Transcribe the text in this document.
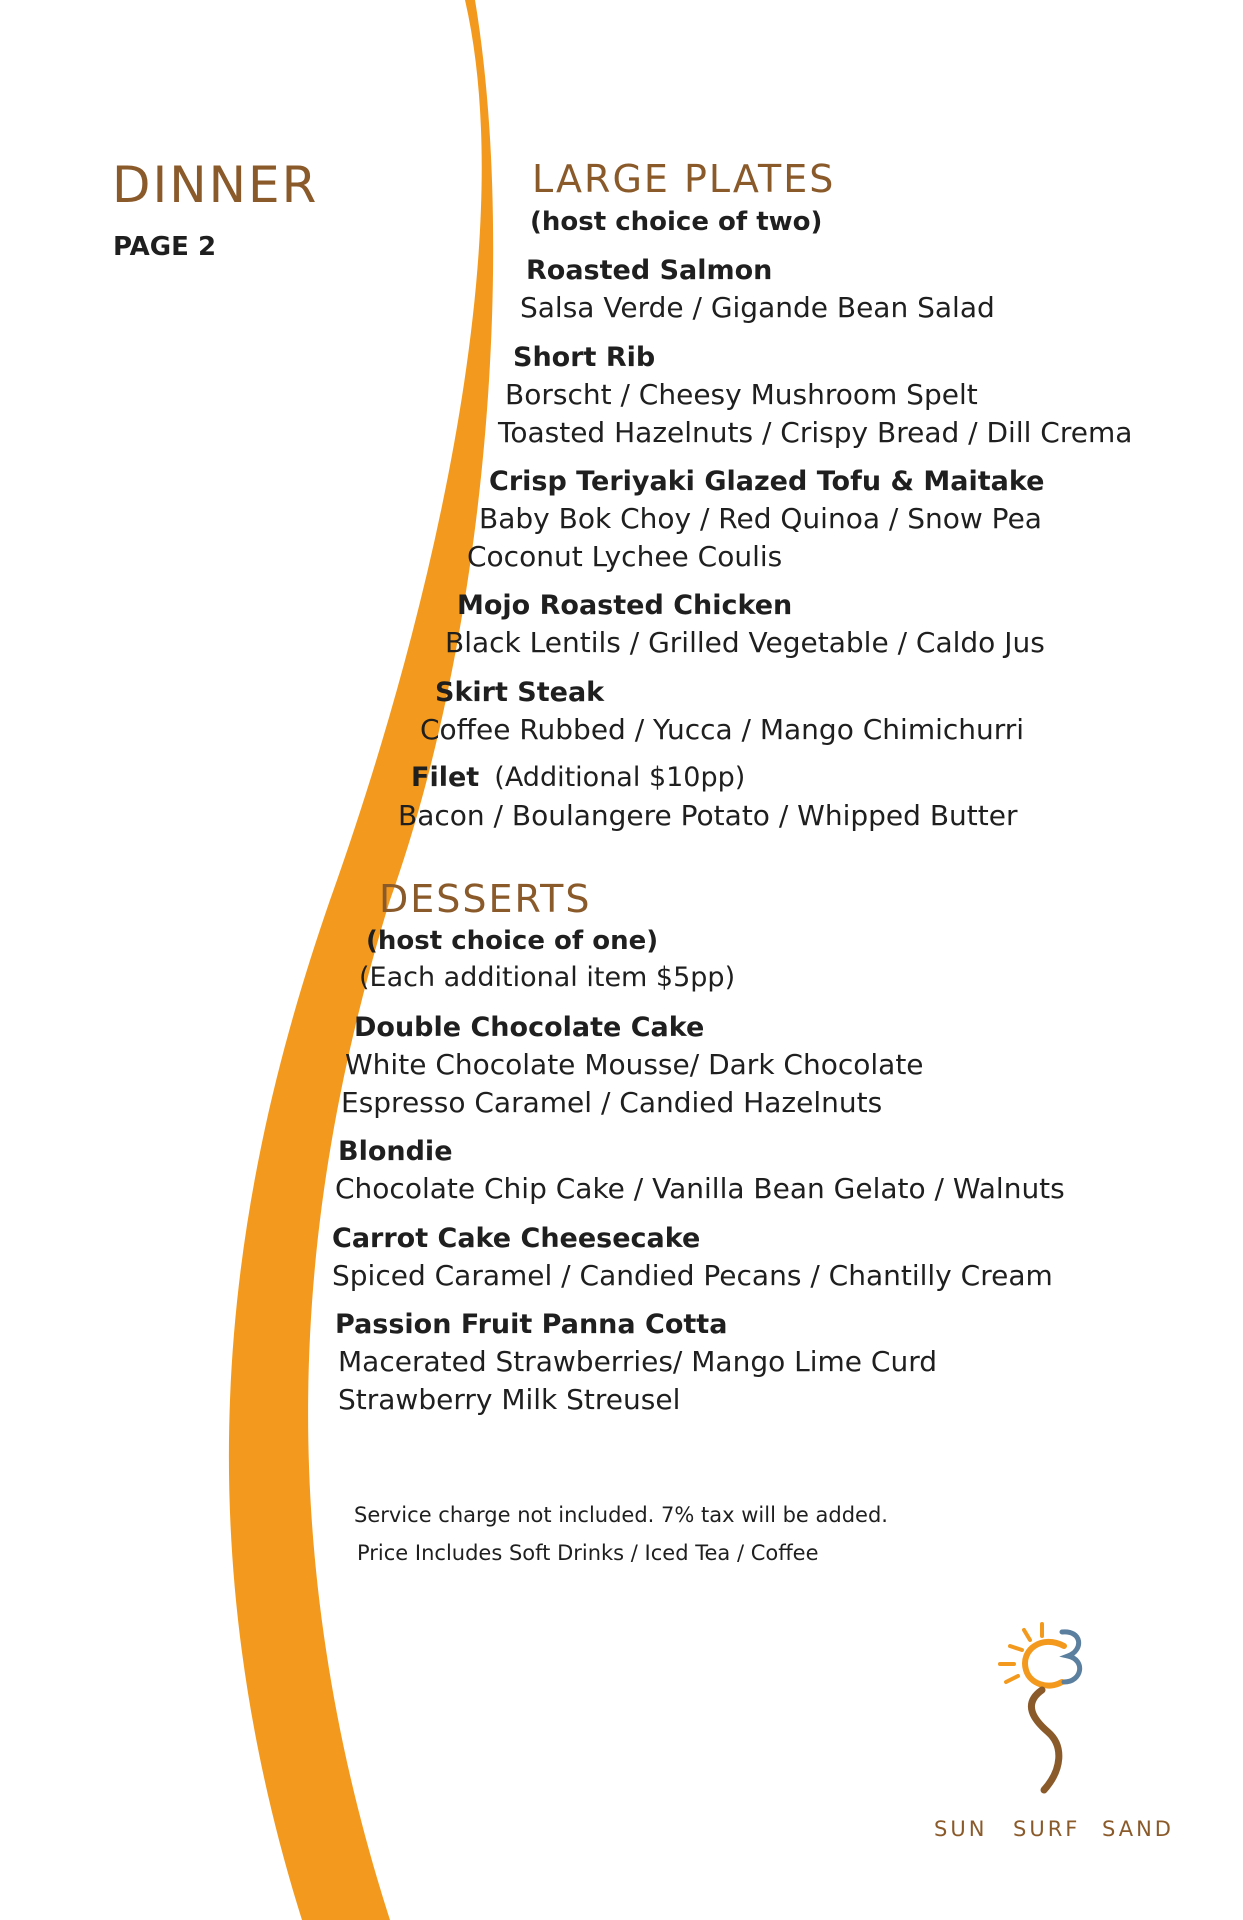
DINNER
PAGE 2
LARGE PLATES
(host choice of two)
Roasted Salmon
Salsa Verde / Gigande Bean Salad
Short Rib
Borscht / Cheesy Mushroom Spelt
Toasted Hazelnuts / Crispy Bread / Dill Crema
Crisp Teriyaki Glazed Tofu & Maitake
Baby Bok Choy / Red Quinoa / Snow Pea
Coconut Lychee Coulis
Mojo Roasted Chicken
Black Lentils / Grilled Vegetable / Caldo Jus
Skirt Steak
Coffee Rubbed / Yucca / Mango Chimichurri
Filet (Additional $10pp)
Bacon / Boulangere Potato / Whipped Butter
DESSERTS
(host choice of one)
(Each additional item $5pp)
Double Chocolate Cake
White Chocolate Mousse/ Dark Chocolate
Espresso Caramel / Candied Hazelnuts
Blondie
Chocolate Chip Cake / Vanilla Bean Gelato / Walnuts
Carrot Cake Cheesecake
Spiced Caramel / Candied Pecans / Chantilly Cream
Passion Fruit Panna Cotta
Macerated Strawberries/ Mango Lime Curd
Strawberry Milk Streusel
Service charge not included. 7% tax will be added.
Price Includes Soft Drinks / Iced Tea / Coffee
SUN SURF SAND
